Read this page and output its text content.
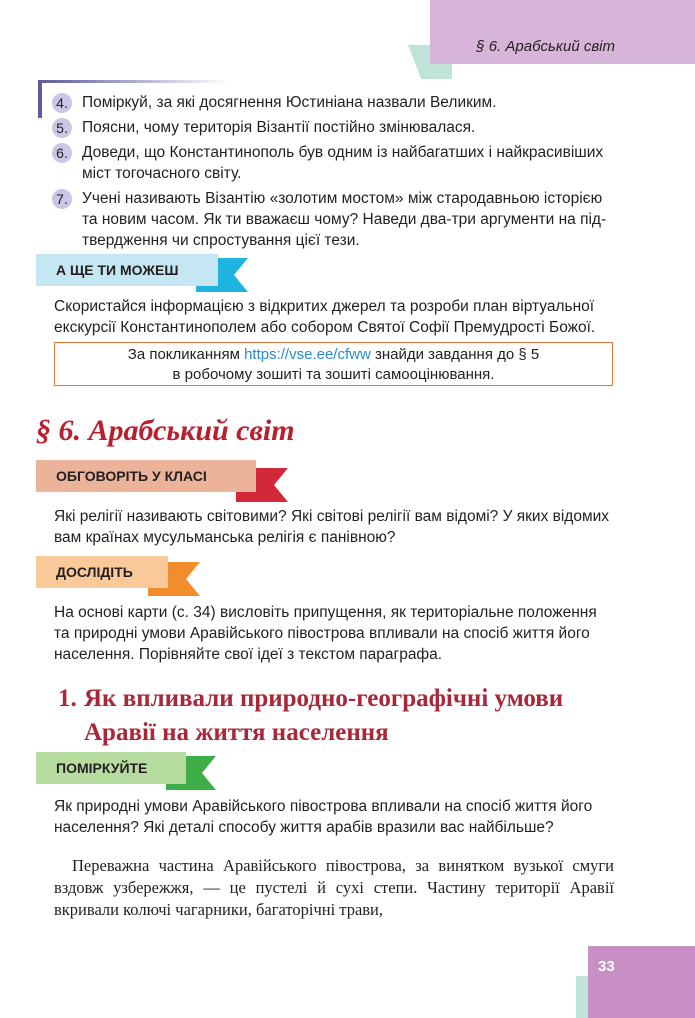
§ 6. Арабський світ
4. Поміркуй, за які досягнення Юстиніана назвали Великим.
5. Поясни, чому територія Візантії постійно змінювалася.
6. Доведи, що Константинополь був одним із найбагатших і найкрасивіших міст тогочасного світу.
7. Учені називають Візантію «золотим мостом» між стародавньою історією та новим часом. Як ти вважаєш чому? Наведи два-три аргументи на підтвердження чи спростування цієї тези.
А ЩЕ ТИ МОЖЕШ
Скористайся інформацією з відкритих джерел та розроби план віртуальної екскурсії Константинополем або собором Святої Софії Премудрості Божої.
За покликанням https://vse.ee/cfww знайди завдання до § 5
в робочому зошиті та зошиті самооцінювання.
§ 6. Арабський світ
ОБГОВОРІТЬ У КЛАСІ
Які релігії називають світовими? Які світові релігії вам відомі? У яких відомих вам країнах мусульманська релігія є панівною?
ДОСЛІДІТЬ
На основі карти (с. 34) висловіть припущення, як територіальне положення та природні умови Аравійського півострова впливали на спосіб життя його населення. Порівняйте свої ідеї з текстом параграфа.
1. Як впливали природно-географічні умови
Аравії на життя населення
ПОМІРКУЙТЕ
Як природні умови Аравійського півострова впливали на спосіб життя його населення? Які деталі способу життя арабів вразили вас найбільше?
Переважна частина Аравійського півострова, за винятком вузької смуги вздовж узбережжя, — це пустелі й сухі степи. Частину території Аравії вкривали колючі чагарники, багаторічні трави,
33
